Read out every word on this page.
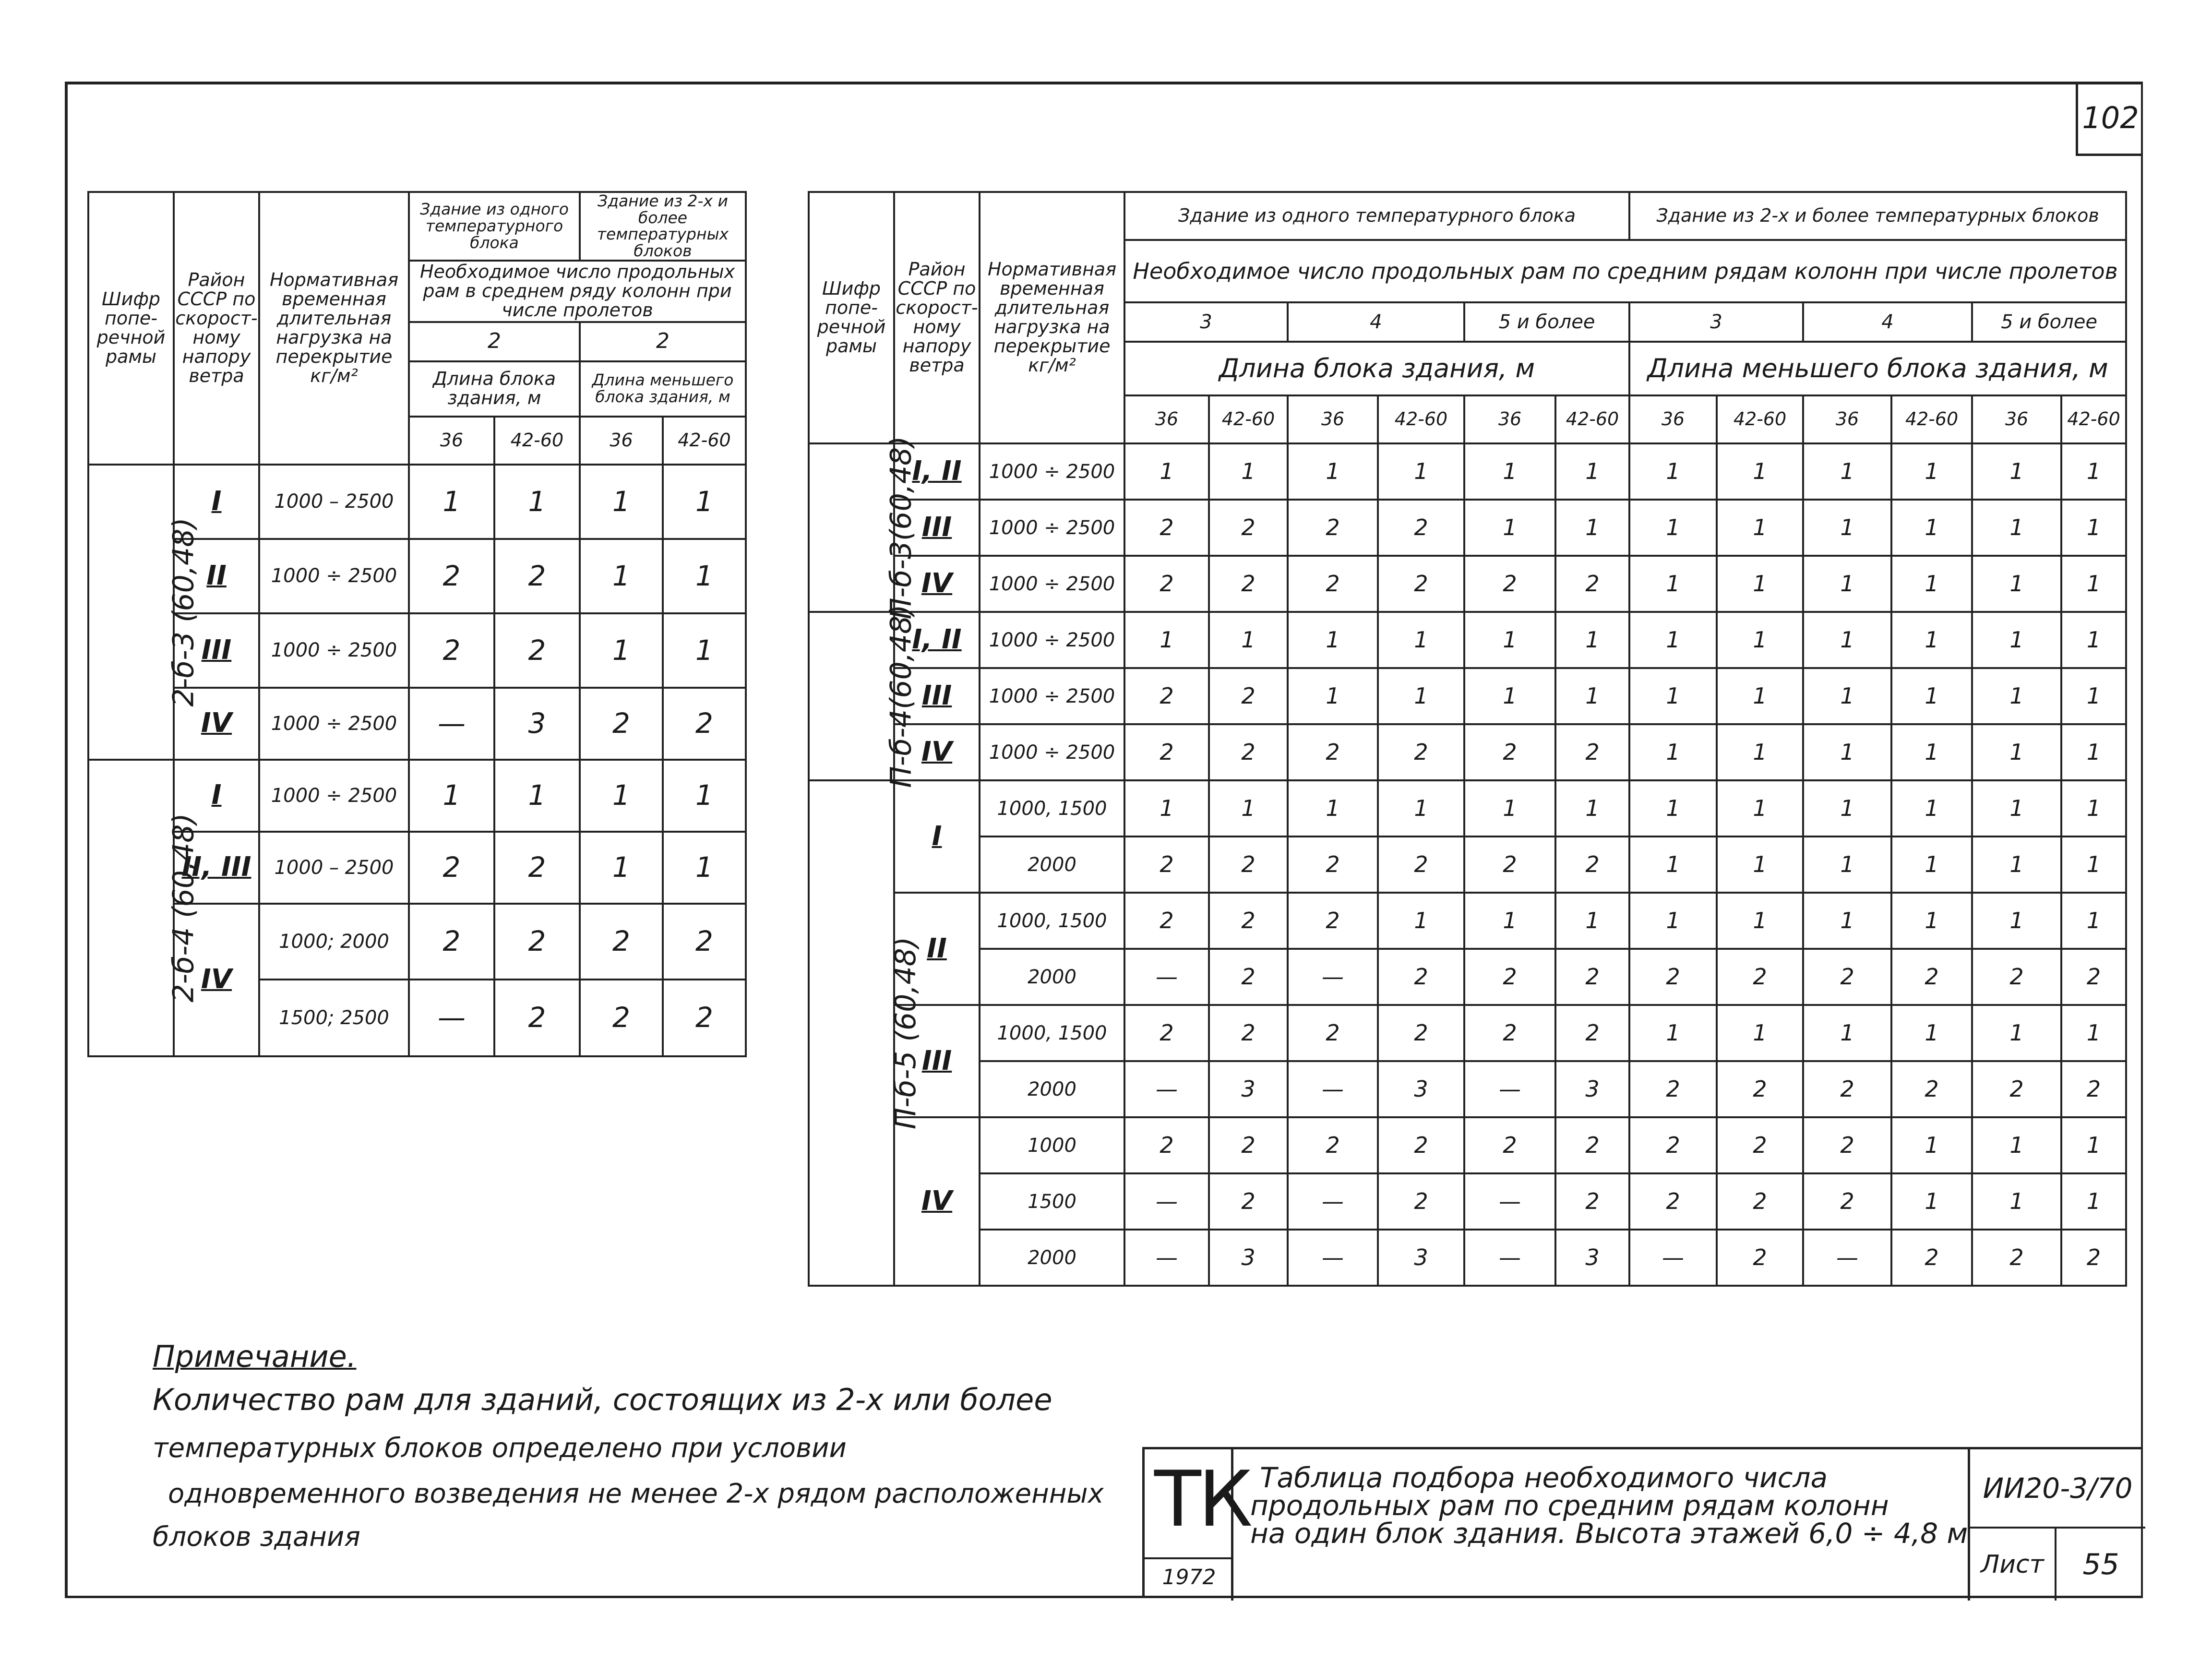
102
Шифр попе-речной рамы	Район СССР по скорост-ному напору ветра	Нормативная временная длительная нагрузка на перекрытие кг/м²	Здание из одного температурного блока		Здание из 2-х и более температурных блоков	
			Необходимое число продольных рам в среднем ряду колонн при числе пролетов			
			2		2	
			Длина блока здания, м		Длина меньшего блока здания, м	
			36	42-60	36	42-60
2-б-3 (60,48)	I	1000 – 2500	1	1	1	1
	II	1000 ÷ 2500	2	2	1	1
	III	1000 ÷ 2500	2	2	1	1
	IV	1000 ÷ 2500	—	3	2	2
2-б-4 (60,48)	I	1000 ÷ 2500	1	1	1	1
	II, III	1000 – 2500	2	2	1	1
	IV	1000; 2000	2	2	2	2
		1500; 2500	—	2	2	2
Шифр попе-речной рамы	Район СССР по скорост-ному напору ветра	Нормативная временная длительная нагрузка на перекрытие кг/м²	Здание из одного температурного блока						Здание из 2-х и более температурных блоков					
			Необходимое число продольных рам по средним рядам колонн при числе пролетов											
			3		4		5 и более		3		4		5 и более	
			Длина блока здания, м						Длина меньшего блока здания, м					
			36	42-60	36	42-60	36	42-60	36	42-60	36	42-60	36	42-60
П-б-3(60,48)	I, II	1000 ÷ 2500	1	1	1	1	1	1	1	1	1	1	1	1
	III	1000 ÷ 2500	2	2	2	2	1	1	1	1	1	1	1	1
	IV	1000 ÷ 2500	2	2	2	2	2	2	1	1	1	1	1	1
П-б-4(60,48)	I, II	1000 ÷ 2500	1	1	1	1	1	1	1	1	1	1	1	1
	III	1000 ÷ 2500	2	2	1	1	1	1	1	1	1	1	1	1
	IV	1000 ÷ 2500	2	2	2	2	2	2	1	1	1	1	1	1
П-б-5 (60,48)	I	1000, 1500	1	1	1	1	1	1	1	1	1	1	1	1
		2000	2	2	2	2	2	2	1	1	1	1	1	1
	II	1000, 1500	2	2	2	1	1	1	1	1	1	1	1	1
		2000	—	2	—	2	2	2	2	2	2	2	2	2
	III	1000, 1500	2	2	2	2	2	2	1	1	1	1	1	1
		2000	—	3	—	3	—	3	2	2	2	2	2	2
	IV	1000	2	2	2	2	2	2	2	2	2	1	1	1
		1500	—	2	—	2	—	2	2	2	2	1	1	1
		2000	—	3	—	3	—	3	—	2	—	2	2	2
Примечание.
Количество рам для зданий, состоящих из 2-х или более
температурных блоков определено при условии
одновременного возведения не менее 2-х рядом расположенных
блоков здания	ТК
1972
Таблица подбора необходимого числа
продольных рам по средним рядам колонн
на один блок здания. Высота этажей 6,0 ÷ 4,8 м
ИИ20-3/70
Лист	55
